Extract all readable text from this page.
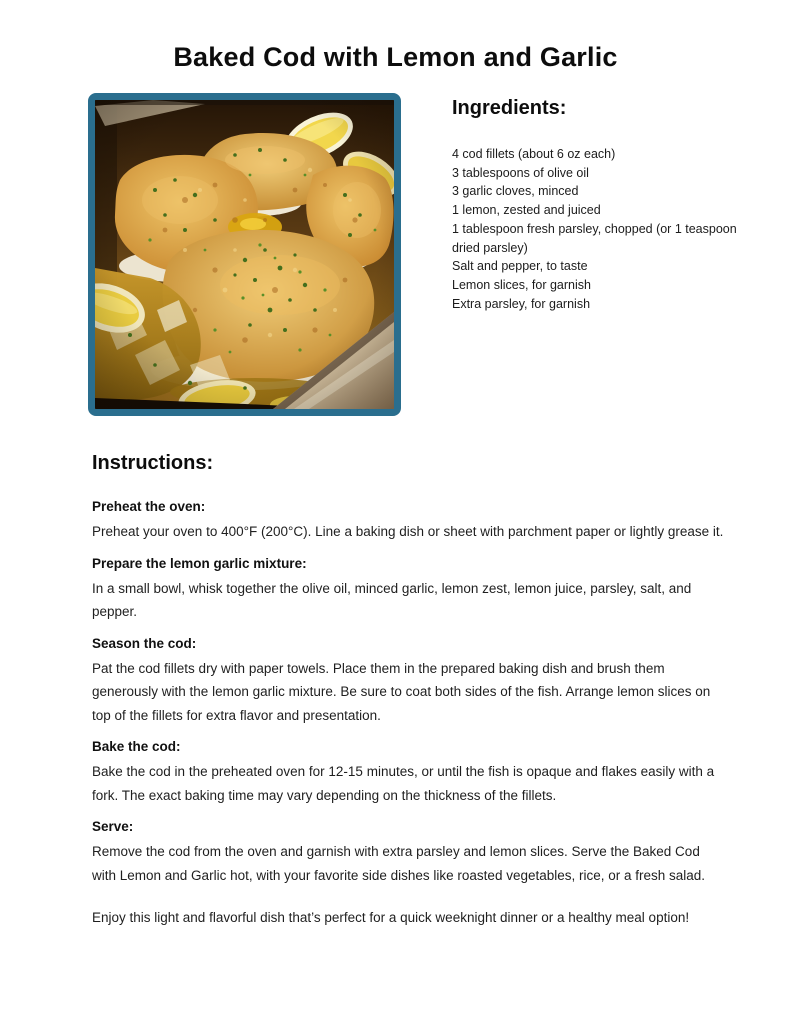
Baked Cod with Lemon and Garlic
Ingredients:
4 cod fillets (about 6 oz each)
3 tablespoons of olive oil
3 garlic cloves, minced
1 lemon, zested and juiced
1 tablespoon fresh parsley, chopped (or 1 teaspoon dried parsley)
Salt and pepper, to taste
Lemon slices, for garnish
Extra parsley, for garnish
Instructions:

Preheat the oven:

Preheat your oven to 400°F (200°C). Line a baking dish or sheet with parchment paper or lightly grease it.

Prepare the lemon garlic mixture:

In a small bowl, whisk together the olive oil, minced garlic, lemon zest, lemon juice, parsley, salt, and pepper.

Season the cod:

Pat the cod fillets dry with paper towels. Place them in the prepared baking dish and brush them generously with the lemon garlic mixture. Be sure to coat both sides of the fish. Arrange lemon slices on top of the fillets for extra flavor and presentation.

Bake the cod:

Bake the cod in the preheated oven for 12-15 minutes, or until the fish is opaque and flakes easily with a fork. The exact baking time may vary depending on the thickness of the fillets.

Serve:

Remove the cod from the oven and garnish with extra parsley and lemon slices. Serve the Baked Cod with Lemon and Garlic hot, with your favorite side dishes like roasted vegetables, rice, or a fresh salad.

Enjoy this light and flavorful dish that’s perfect for a quick weeknight dinner or a healthy meal option!
